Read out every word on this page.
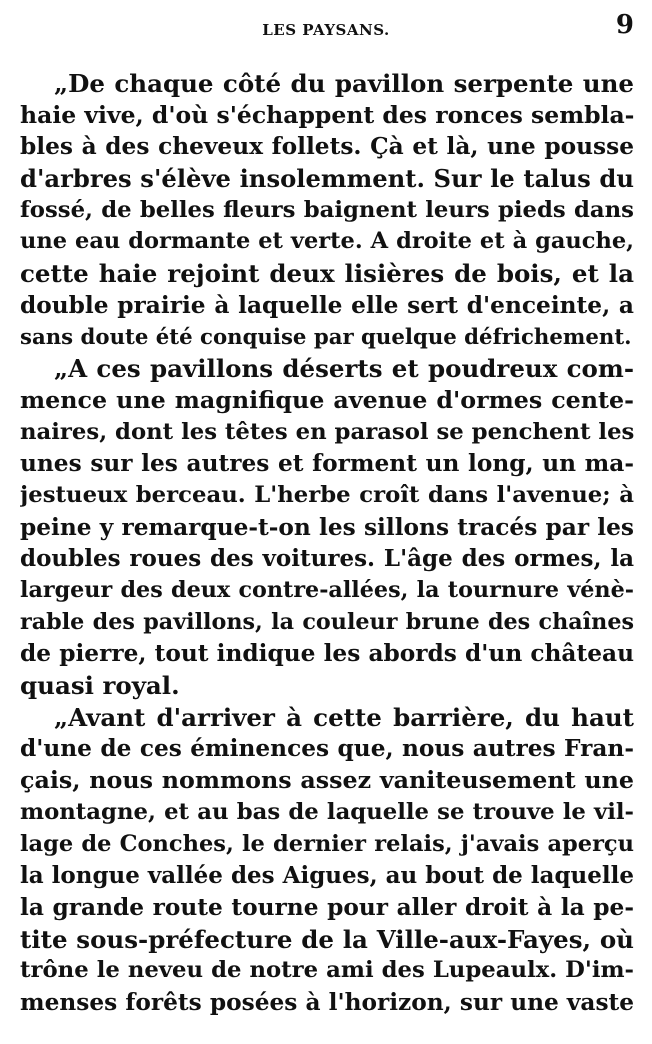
LES PAYSANS.	9
„De chaque côté du pavillon serpente une
haie vive, d'où s'échappent des ronces sembla-
bles à des cheveux follets. Çà et là, une pousse
d'arbres s'élève insolemment. Sur le talus du
fossé, de belles fleurs baignent leurs pieds dans
une eau dormante et verte. A droite et à gauche,
cette haie rejoint deux lisières de bois, et la
double prairie à laquelle elle sert d'enceinte, a
sans doute été conquise par quelque défrichement.
„A ces pavillons déserts et poudreux com-
mence une magnifique avenue d'ormes cente-
naires, dont les têtes en parasol se penchent les
unes sur les autres et forment un long, un ma-
jestueux berceau. L'herbe croît dans l'avenue; à
peine y remarque-t-on les sillons tracés par les
doubles roues des voitures. L'âge des ormes, la
largeur des deux contre-allées, la tournure vénè-
rable des pavillons, la couleur brune des chaînes
de pierre, tout indique les abords d'un château
quasi royal.
„Avant d'arriver à cette barrière, du haut
d'une de ces éminences que, nous autres Fran-
çais, nous nommons assez vaniteusement une
montagne, et au bas de laquelle se trouve le vil-
lage de Conches, le dernier relais, j'avais aperçu
la longue vallée des Aigues, au bout de laquelle
la grande route tourne pour aller droit à la pe-
tite sous-préfecture de la Ville-aux-Fayes, où
trône le neveu de notre ami des Lupeaulx. D'im-
menses forêts posées à l'horizon, sur une vaste
